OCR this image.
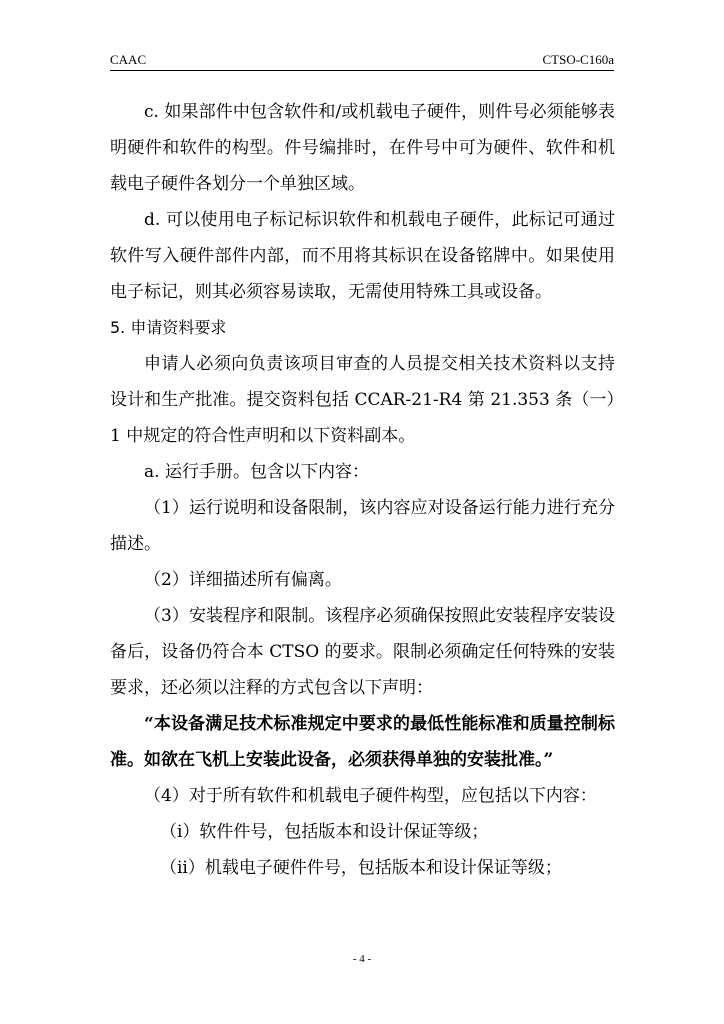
CAAC	CTSO-C160a

c. 如果部件中包含软件和/或机载电子硬件，则件号必须能够表明硬件和软件的构型。件号编排时，在件号中可为硬件、软件和机载电子硬件各划分一个单独区域。

d. 可以使用电子标记标识软件和机载电子硬件，此标记可通过软件写入硬件部件内部，而不用将其标识在设备铭牌中。如果使用电子标记，则其必须容易读取，无需使用特殊工具或设备。

5. 申请资料要求

申请人必须向负责该项目审查的人员提交相关技术资料以支持设计和生产批准。提交资料包括 CCAR-21-R4 第 21.353 条（一）1 中规定的符合性声明和以下资料副本。

a. 运行手册。包含以下内容：

（1）运行说明和设备限制，该内容应对设备运行能力进行充分描述。

（2）详细描述所有偏离。

（3）安装程序和限制。该程序必须确保按照此安装程序安装设备后，设备仍符合本 CTSO 的要求。限制必须确定任何特殊的安装要求，还必须以注释的方式包含以下声明：

“本设备满足技术标准规定中要求的最低性能标准和质量控制标准。如欲在飞机上安装此设备，必须获得单独的安装批准。”

（4）对于所有软件和机载电子硬件构型，应包括以下内容：

（i）软件件号，包括版本和设计保证等级；

（ii）机载电子硬件件号，包括版本和设计保证等级；

- 4 -
